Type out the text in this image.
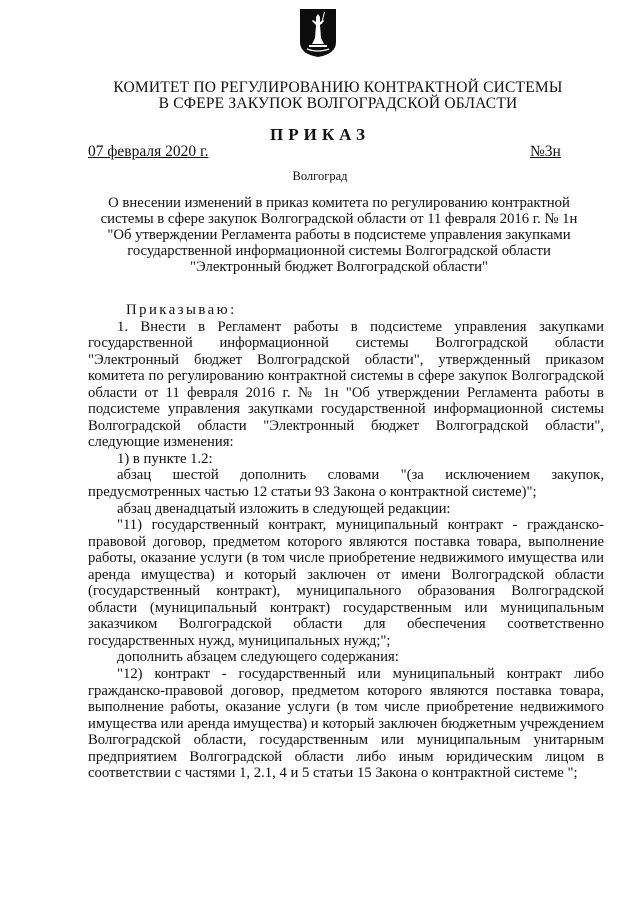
КОМИТЕТ ПО РЕГУЛИРОВАНИЮ КОНТРАКТНОЙ СИСТЕМЫ
В СФЕРЕ ЗАКУПОК ВОЛГОГРАДСКОЙ ОБЛАСТИ
ПРИКАЗ
07 февраля 2020 г.	№3н
Волгоград
О внесении изменений в приказ комитета по регулированию контрактной системы в сфере закупок Волгоградской области от 11 февраля 2016 г. № 1н "Об утверждении Регламента работы в подсистеме управления закупками государственной информационной системы Волгоградской области "Электронный бюджет Волгоградской области"

Приказываю:

1. Внести в Регламент работы в подсистеме управления закупками государственной информационной системы Волгоградской области "Электронный бюджет Волгоградской области", утвержденный приказом комитета по регулированию контрактной системы в сфере закупок Волгоградской области от 11 февраля 2016 г. № 1н "Об утверждении Регламента работы в подсистеме управления закупками государственной информационной системы Волгоградской области "Электронный бюджет Волгоградской области", следующие изменения:

1) в пункте 1.2:

абзац шестой дополнить словами "(за исключением закупок, предусмотренных частью 12 статьи 93 Закона о контрактной системе)";

абзац двенадцатый изложить в следующей редакции:

"11) государственный контракт, муниципальный контракт - гражданско-правовой договор, предметом которого являются поставка товара, выполнение работы, оказание услуги (в том числе приобретение недвижимого имущества или аренда имущества) и который заключен от имени Волгоградской области (государственный контракт), муниципального образования Волгоградской области (муниципальный контракт) государственным или муниципальным заказчиком Волгоградской области для обеспечения соответственно государственных нужд, муниципальных нужд;";

дополнить абзацем следующего содержания:

"12) контракт - государственный или муниципальный контракт либо гражданско-правовой договор, предметом которого являются поставка товара, выполнение работы, оказание услуги (в том числе приобретение недвижимого имущества или аренда имущества) и который заключен бюджетным учреждением Волгоградской области, государственным или муниципальным унитарным предприятием Волгоградской области либо иным юридическим лицом в соответствии с частями 1, 2.1, 4 и 5 статьи 15 Закона о контрактной системе ";
